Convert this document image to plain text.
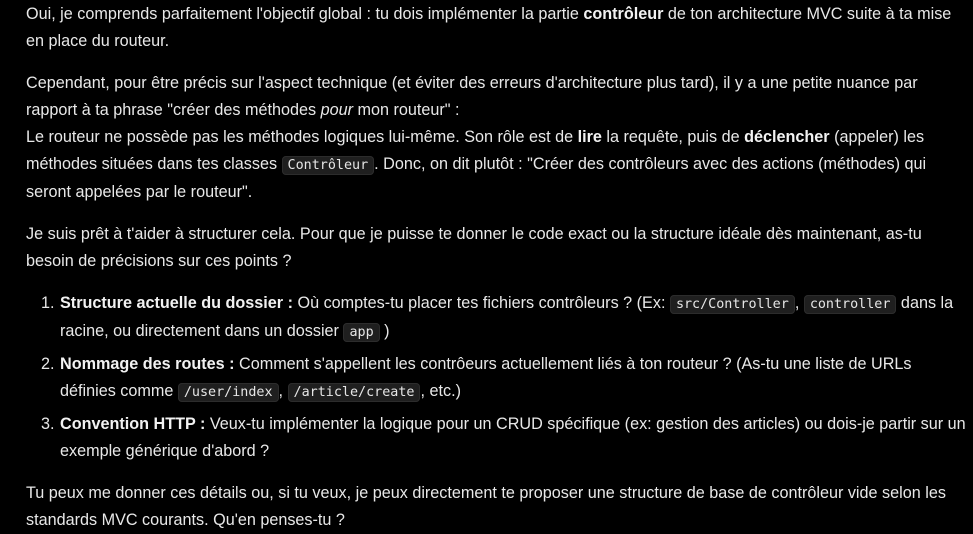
Oui, je comprends parfaitement l'objectif global : tu dois implémenter la partie contrôleur de ton architecture MVC suite à ta mise en place du routeur.

Cependant, pour être précis sur l'aspect technique (et éviter des erreurs d'architecture plus tard), il y a une petite nuance par rapport à ta phrase "créer des méthodes pour mon routeur" :
Le routeur ne possède pas les méthodes logiques lui-même. Son rôle est de lire la requête, puis de déclencher (appeler) les méthodes situées dans tes classes Contrôleur . Donc, on dit plutôt : "Créer des contrôleurs avec des actions (méthodes) qui seront appelées par le routeur".

Je suis prêt à t'aider à structurer cela. Pour que je puisse te donner le code exact ou la structure idéale dès maintenant, as-tu besoin de précisions sur ces points ?

1. Structure actuelle du dossier : Où comptes-tu placer tes fichiers contrôleurs ? (Ex: src/Controller , controller dans la racine, ou directement dans un dossier app )
2. Nommage des routes : Comment s'appellent les contrôeurs actuellement liés à ton routeur ? (As-tu une liste de URLs définies comme /user/index , /article/create , etc.)
3. Convention HTTP : Veux-tu implémenter la logique pour un CRUD spécifique (ex: gestion des articles) ou dois-je partir sur un exemple générique d'abord ?

Tu peux me donner ces détails ou, si tu veux, je peux directement te proposer une structure de base de contrôleur vide selon les standards MVC courants. Qu'en penses-tu ?
